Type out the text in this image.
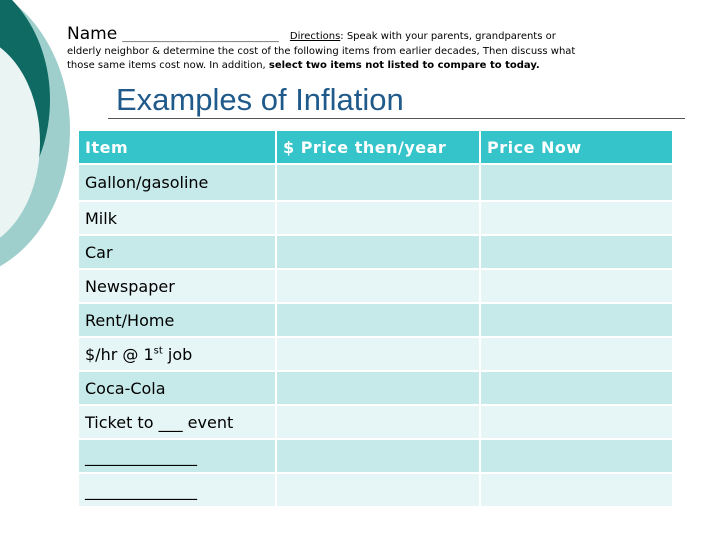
Name ____________________ Directions: Speak with your parents, grandparents or
elderly neighbor & determine the cost of the following items from earlier decades, Then discuss what
those same items cost now. In addition, select two items not listed to compare to today.
Examples of Inflation
Item	$ Price then/year	Price Now
Gallon/gasoline		
Milk		
Car		
Newspaper		
Rent/Home		
$/hr @ 1st job		
Coca-Cola		
Ticket to ___ event		
______________		
______________		
